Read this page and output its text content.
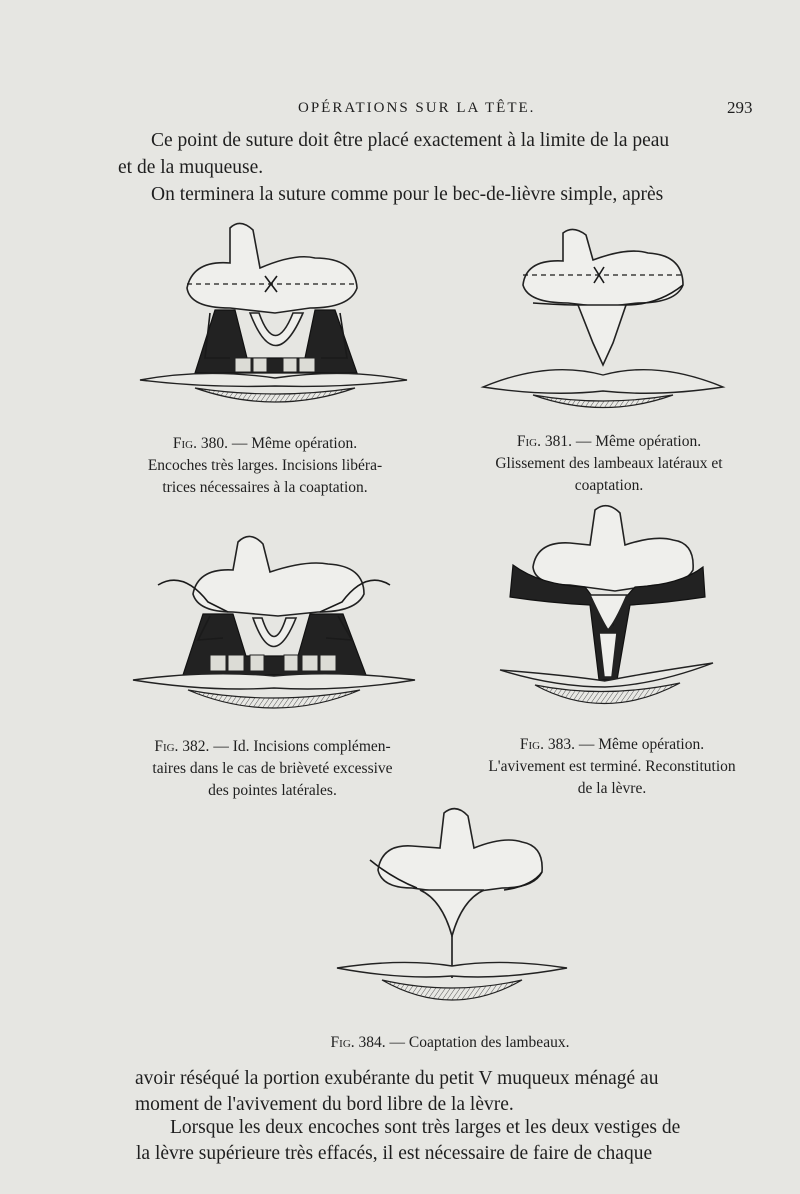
OPÉRATIONS SUR LA TÊTE.	293
Ce point de suture doit être placé exactement à la limite de la peau
et de la muqueuse.
On terminera la suture comme pour le bec-de-lièvre simple, après
Fig. 380. — Même opération.
Encoches très larges. Incisions libéra-
trices nécessaires à la coaptation.
Fig. 381. — Même opération.
Glissement des lambeaux latéraux et
coaptation.
Fig. 382. — Id. Incisions complémen-
taires dans le cas de brièveté excessive
des pointes latérales.
Fig. 383. — Même opération.
L'avivement est terminé. Reconstitution
de la lèvre.
Fig. 384. — Coaptation des lambeaux.
avoir réséqué la portion exubérante du petit V muqueux ménagé au
moment de l'avivement du bord libre de la lèvre.
Lorsque les deux encoches sont très larges et les deux vestiges de
la lèvre supérieure très effacés, il est nécessaire de faire de chaque
